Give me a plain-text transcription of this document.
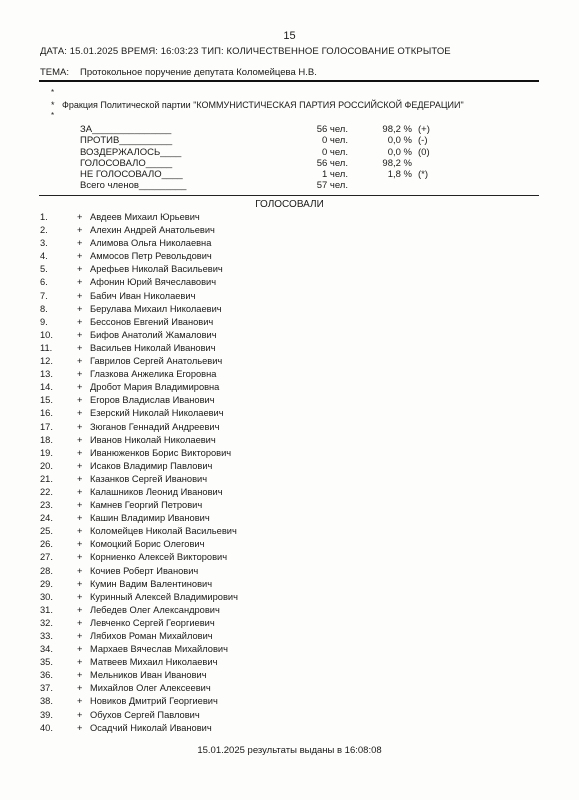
15
ДАТА: 15.01.2025 ВРЕМЯ: 16:03:23 ТИП: КОЛИЧЕСТВЕННОЕ ГОЛОСОВАНИЕ ОТКРЫТОЕ
ТЕМА: Протокольное поручение депутата Коломейцева Н.В.
*
* Фракция Политической партии "КОММУНИСТИЧЕСКАЯ ПАРТИЯ РОССИЙСКОЙ ФЕДЕРАЦИИ"
*
ЗА_______________	56 чел.	98,2 % (+)
ПРОТИВ__________	0 чел.	0,0 % (-)
ВОЗДЕРЖАЛОСЬ____	0 чел.	0,0 % (0)
ГОЛОСОВАЛО_____	56 чел.	98,2 %
НЕ ГОЛОСОВАЛО____	1 чел.	1,8 % (*)
Всего членов_________	57 чел.
ГОЛОСОВАЛИ
1.	+ Авдеев Михаил Юрьевич
2.	+ Алехин Андрей Анатольевич
3.	+ Алимова Ольга Николаевна
4.	+ Аммосов Петр Револьдович
5.	+ Арефьев Николай Васильевич
6.	+ Афонин Юрий Вячеславович
7.	+ Бабич Иван Николаевич
8.	+ Берулава Михаил Николаевич
9.	+ Бессонов Евгений Иванович
10.	+ Бифов Анатолий Жамалович
11.	+ Васильев Николай Иванович
12.	+ Гаврилов Сергей Анатольевич
13.	+ Глазкова Анжелика Егоровна
14.	+ Дробот Мария Владимировна
15.	+ Егоров Владислав Иванович
16.	+ Езерский Николай Николаевич
17.	+ Зюганов Геннадий Андреевич
18.	+ Иванов Николай Николаевич
19.	+ Иванюженков Борис Викторович
20.	+ Исаков Владимир Павлович
21.	+ Казанков Сергей Иванович
22.	+ Калашников Леонид Иванович
23.	+ Камнев Георгий Петрович
24.	+ Кашин Владимир Иванович
25.	+ Коломейцев Николай Васильевич
26.	+ Комоцкий Борис Олегович
27.	+ Корниенко Алексей Викторович
28.	+ Кочиев Роберт Иванович
29.	+ Кумин Вадим Валентинович
30.	+ Куринный Алексей Владимирович
31.	+ Лебедев Олег Александрович
32.	+ Левченко Сергей Георгиевич
33.	+ Лябихов Роман Михайлович
34.	+ Мархаев Вячеслав Михайлович
35.	+ Матвеев Михаил Николаевич
36.	+ Мельников Иван Иванович
37.	+ Михайлов Олег Алексеевич
38.	+ Новиков Дмитрий Георгиевич
39.	+ Обухов Сергей Павлович
40.	+ Осадчий Николай Иванович
15.01.2025 результаты выданы в 16:08:08
